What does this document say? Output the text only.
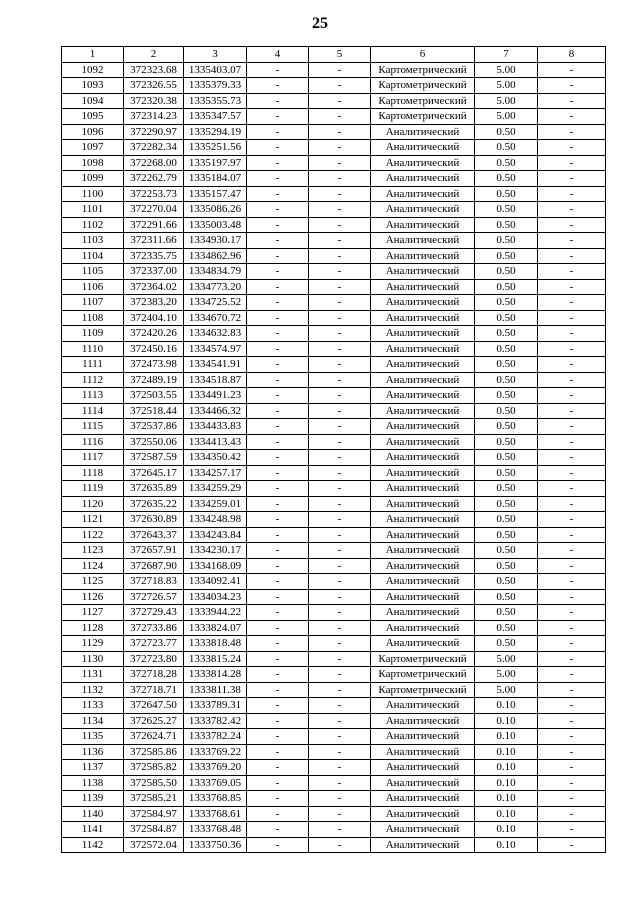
25
1	2	3	4	5	6	7	8
1092	372323.68	1335403.07	-	-	Картометрический	5.00	-
1093	372326.55	1335379.33	-	-	Картометрический	5.00	-
1094	372320.38	1335355.73	-	-	Картометрический	5.00	-
1095	372314.23	1335347.57	-	-	Картометрический	5.00	-
1096	372290.97	1335294.19	-	-	Аналитический	0.50	-
1097	372282.34	1335251.56	-	-	Аналитический	0.50	-
1098	372268.00	1335197.97	-	-	Аналитический	0.50	-
1099	372262.79	1335184.07	-	-	Аналитический	0.50	-
1100	372253.73	1335157.47	-	-	Аналитический	0.50	-
1101	372270.04	1335086.26	-	-	Аналитический	0.50	-
1102	372291.66	1335003.48	-	-	Аналитический	0.50	-
1103	372311.66	1334930.17	-	-	Аналитический	0.50	-
1104	372335.75	1334862.96	-	-	Аналитический	0.50	-
1105	372337.00	1334834.79	-	-	Аналитический	0.50	-
1106	372364.02	1334773.20	-	-	Аналитический	0.50	-
1107	372383.20	1334725.52	-	-	Аналитический	0.50	-
1108	372404.10	1334670.72	-	-	Аналитический	0.50	-
1109	372420.26	1334632.83	-	-	Аналитический	0.50	-
1110	372450.16	1334574.97	-	-	Аналитический	0.50	-
1111	372473.98	1334541.91	-	-	Аналитический	0.50	-
1112	372489.19	1334518.87	-	-	Аналитический	0.50	-
1113	372503.55	1334491.23	-	-	Аналитический	0.50	-
1114	372518.44	1334466.32	-	-	Аналитический	0.50	-
1115	372537.86	1334433.83	-	-	Аналитический	0.50	-
1116	372550.06	1334413.43	-	-	Аналитический	0.50	-
1117	372587.59	1334350.42	-	-	Аналитический	0.50	-
1118	372645.17	1334257.17	-	-	Аналитический	0.50	-
1119	372635.89	1334259.29	-	-	Аналитический	0.50	-
1120	372635.22	1334259.01	-	-	Аналитический	0.50	-
1121	372630.89	1334248.98	-	-	Аналитический	0.50	-
1122	372643.37	1334243.84	-	-	Аналитический	0.50	-
1123	372657.91	1334230.17	-	-	Аналитический	0.50	-
1124	372687.90	1334168.09	-	-	Аналитический	0.50	-
1125	372718.83	1334092.41	-	-	Аналитический	0.50	-
1126	372726.57	1334034.23	-	-	Аналитический	0.50	-
1127	372729.43	1333944.22	-	-	Аналитический	0.50	-
1128	372733.86	1333824.07	-	-	Аналитический	0.50	-
1129	372723.77	1333818.48	-	-	Аналитический	0.50	-
1130	372723.80	1333815.24	-	-	Картометрический	5.00	-
1131	372718.28	1333814.28	-	-	Картометрический	5.00	-
1132	372718.71	1333811.38	-	-	Картометрический	5.00	-
1133	372647.50	1333789.31	-	-	Аналитический	0.10	-
1134	372625.27	1333782.42	-	-	Аналитический	0.10	-
1135	372624.71	1333782.24	-	-	Аналитический	0.10	-
1136	372585.86	1333769.22	-	-	Аналитический	0.10	-
1137	372585.82	1333769.20	-	-	Аналитический	0.10	-
1138	372585.50	1333769.05	-	-	Аналитический	0.10	-
1139	372585.21	1333768.85	-	-	Аналитический	0.10	-
1140	372584.97	1333768.61	-	-	Аналитический	0.10	-
1141	372584.87	1333768.48	-	-	Аналитический	0.10	-
1142	372572.04	1333750.36	-	-	Аналитический	0.10	-
